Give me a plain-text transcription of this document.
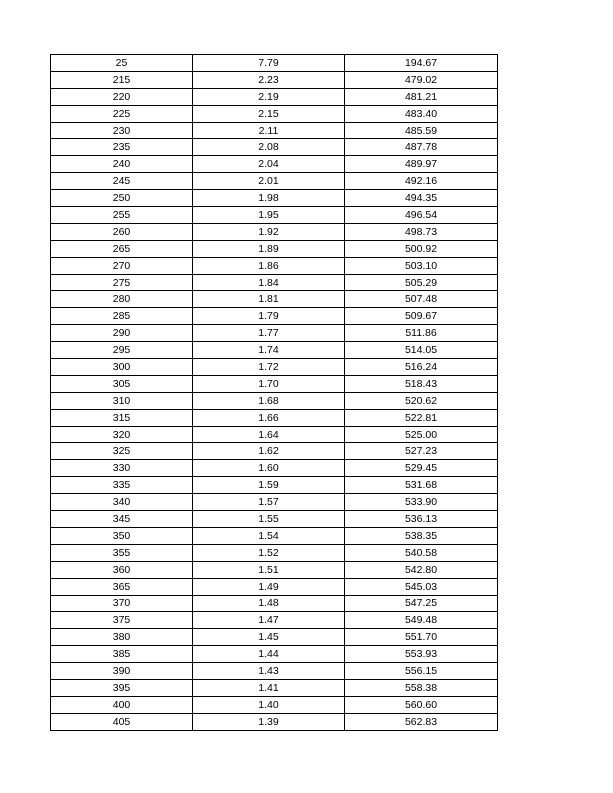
25	7.79	194.67
215	2.23	479.02
220	2.19	481.21
225	2.15	483.40
230	2.11	485.59
235	2.08	487.78
240	2.04	489.97
245	2.01	492.16
250	1.98	494.35
255	1.95	496.54
260	1.92	498.73
265	1.89	500.92
270	1.86	503.10
275	1.84	505.29
280	1.81	507.48
285	1.79	509.67
290	1.77	511.86
295	1.74	514.05
300	1.72	516.24
305	1.70	518.43
310	1.68	520.62
315	1.66	522.81
320	1.64	525.00
325	1.62	527.23
330	1.60	529.45
335	1.59	531.68
340	1.57	533.90
345	1.55	536.13
350	1.54	538.35
355	1.52	540.58
360	1.51	542.80
365	1.49	545.03
370	1.48	547.25
375	1.47	549.48
380	1.45	551.70
385	1.44	553.93
390	1.43	556.15
395	1.41	558.38
400	1.40	560.60
405	1.39	562.83
